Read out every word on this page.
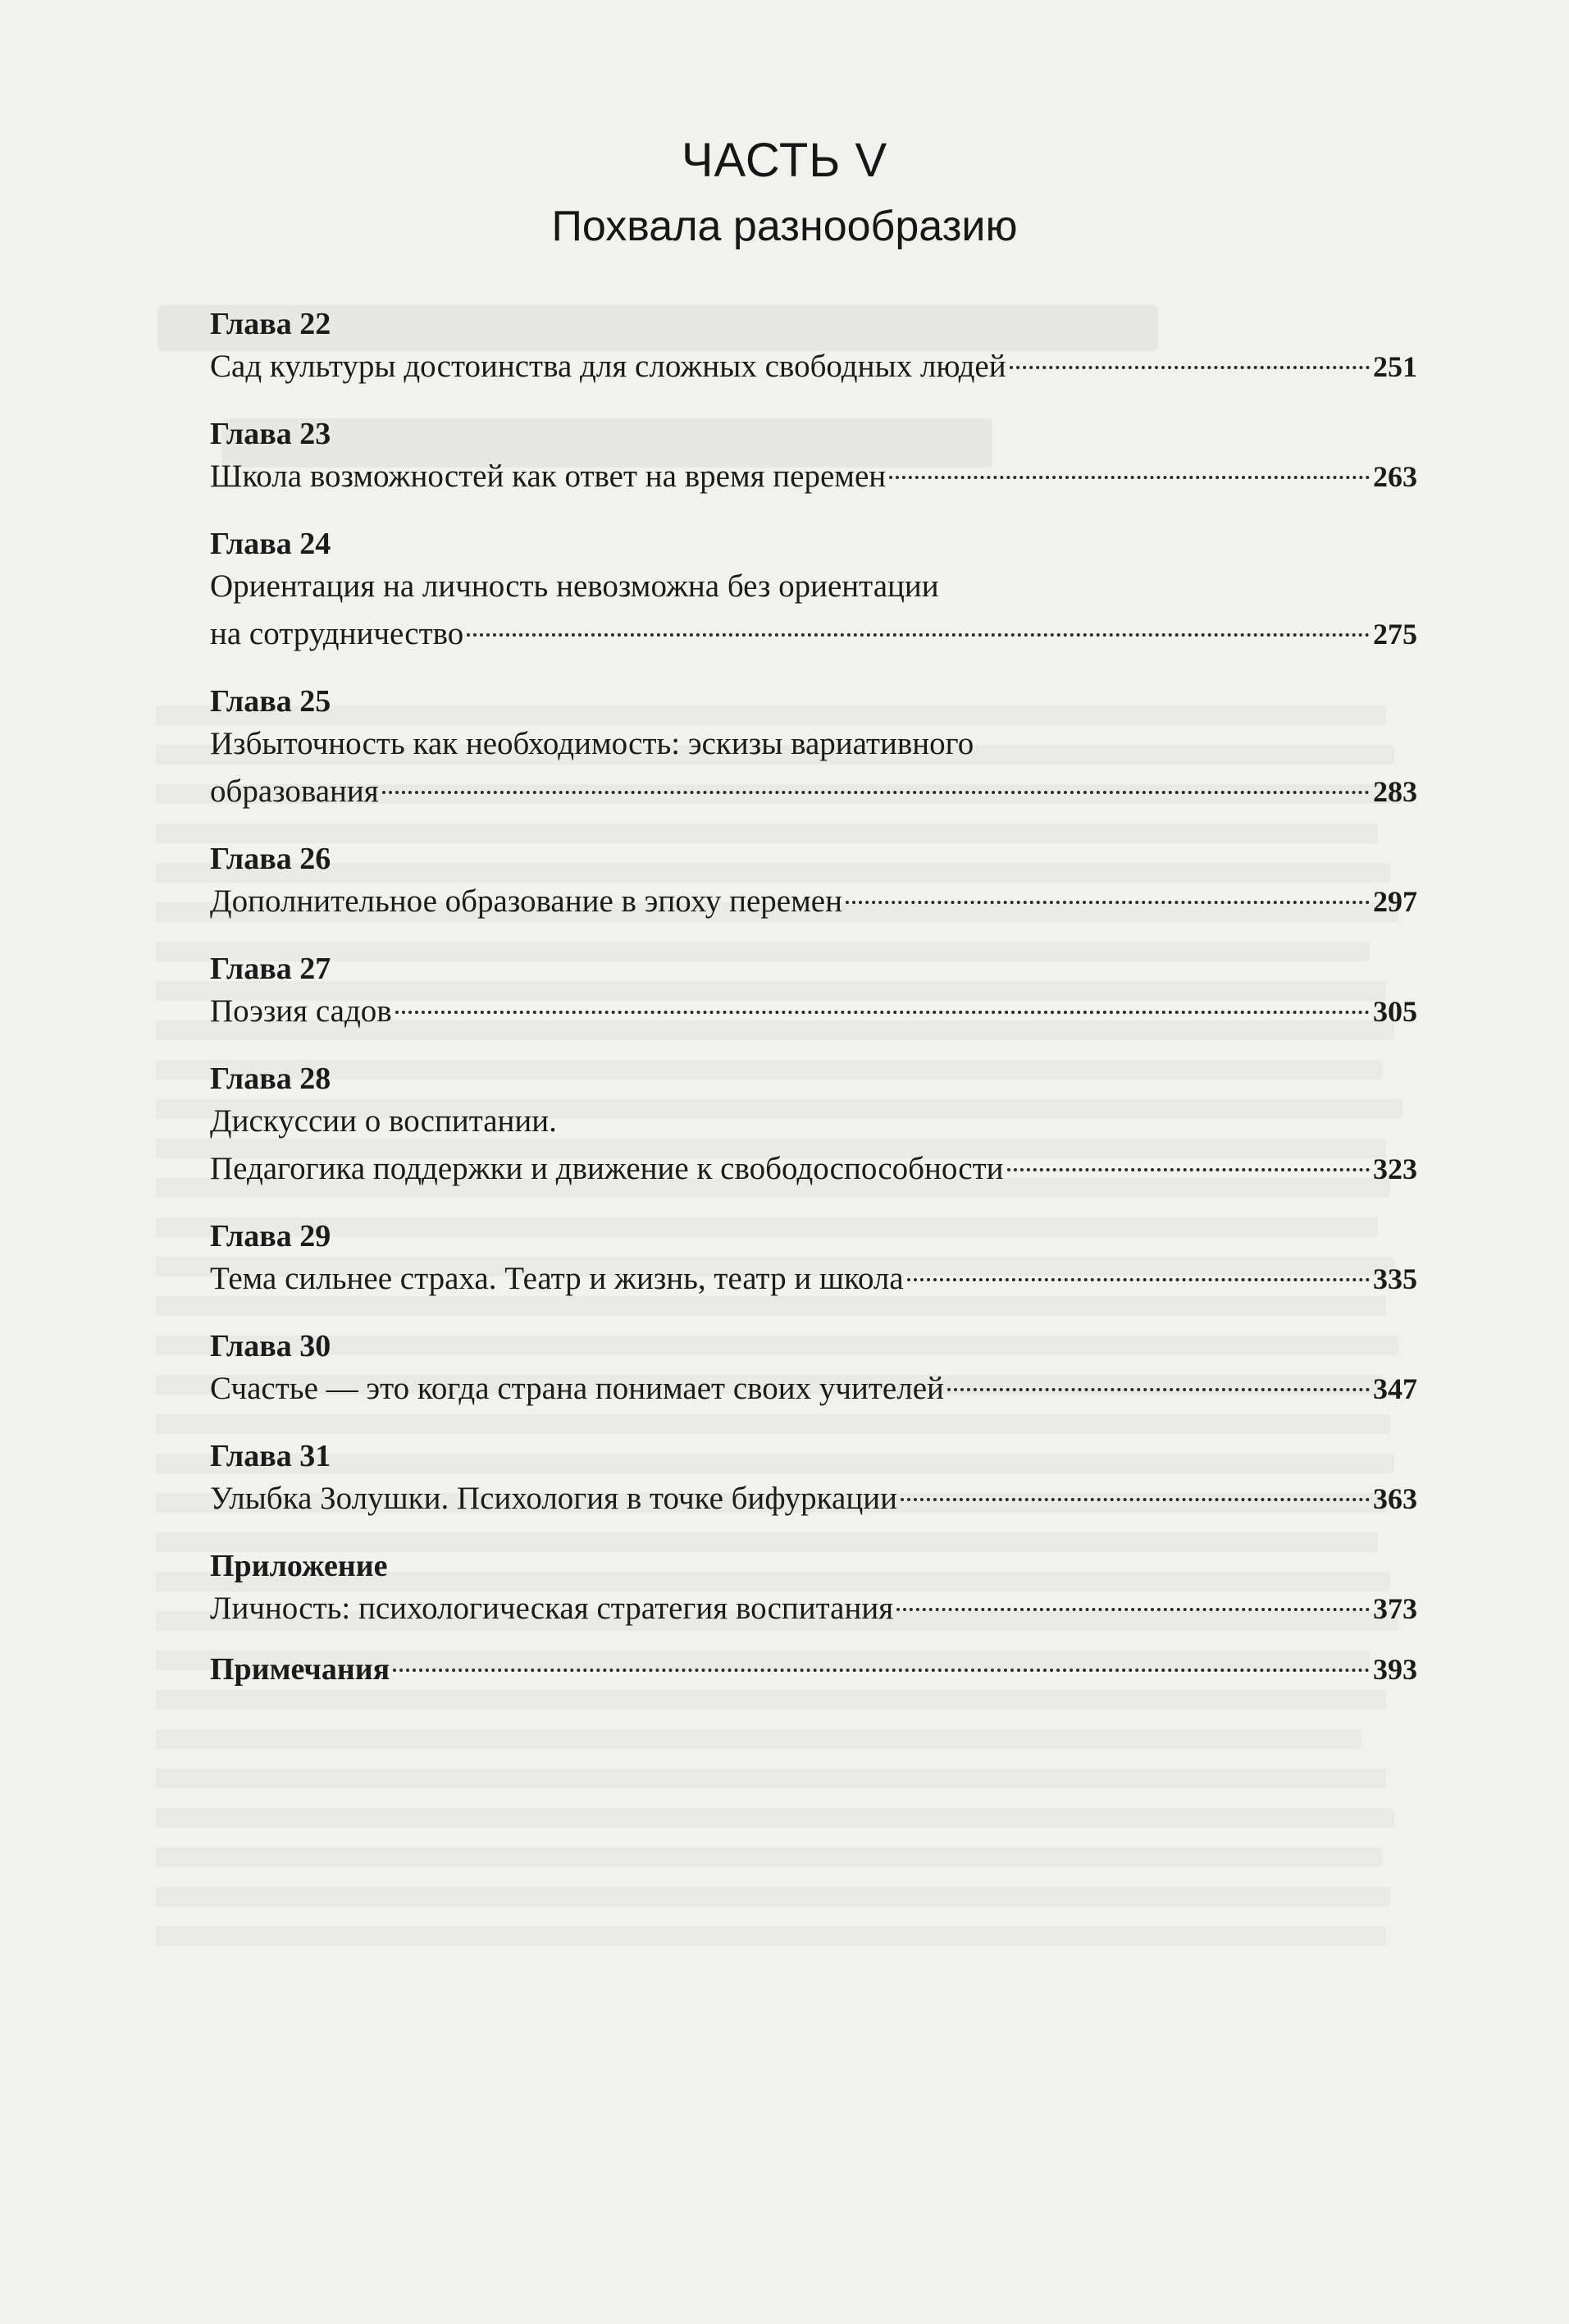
ЧАСТЬ V
Похвала разнообразию
Глава 22
Сад культуры достоинства для сложных свободных людей	251
Глава 23
Школа возможностей как ответ на время перемен	263
Глава 24
Ориентация на личность невозможна без ориентации
на сотрудничество	275
Глава 25
Избыточность как необходимость: эскизы вариативного
образования	283
Глава 26
Дополнительное образование в эпоху перемен	297
Глава 27
Поэзия садов	305
Глава 28
Дискуссии о воспитании.
Педагогика поддержки и движение к свободоспособности	323
Глава 29
Тема сильнее страха. Театр и жизнь, театр и школа	335
Глава 30
Счастье — это когда страна понимает своих учителей	347
Глава 31
Улыбка Золушки. Психология в точке бифуркации	363
Приложение
Личность: психологическая стратегия воспитания	373
Примечания	393
